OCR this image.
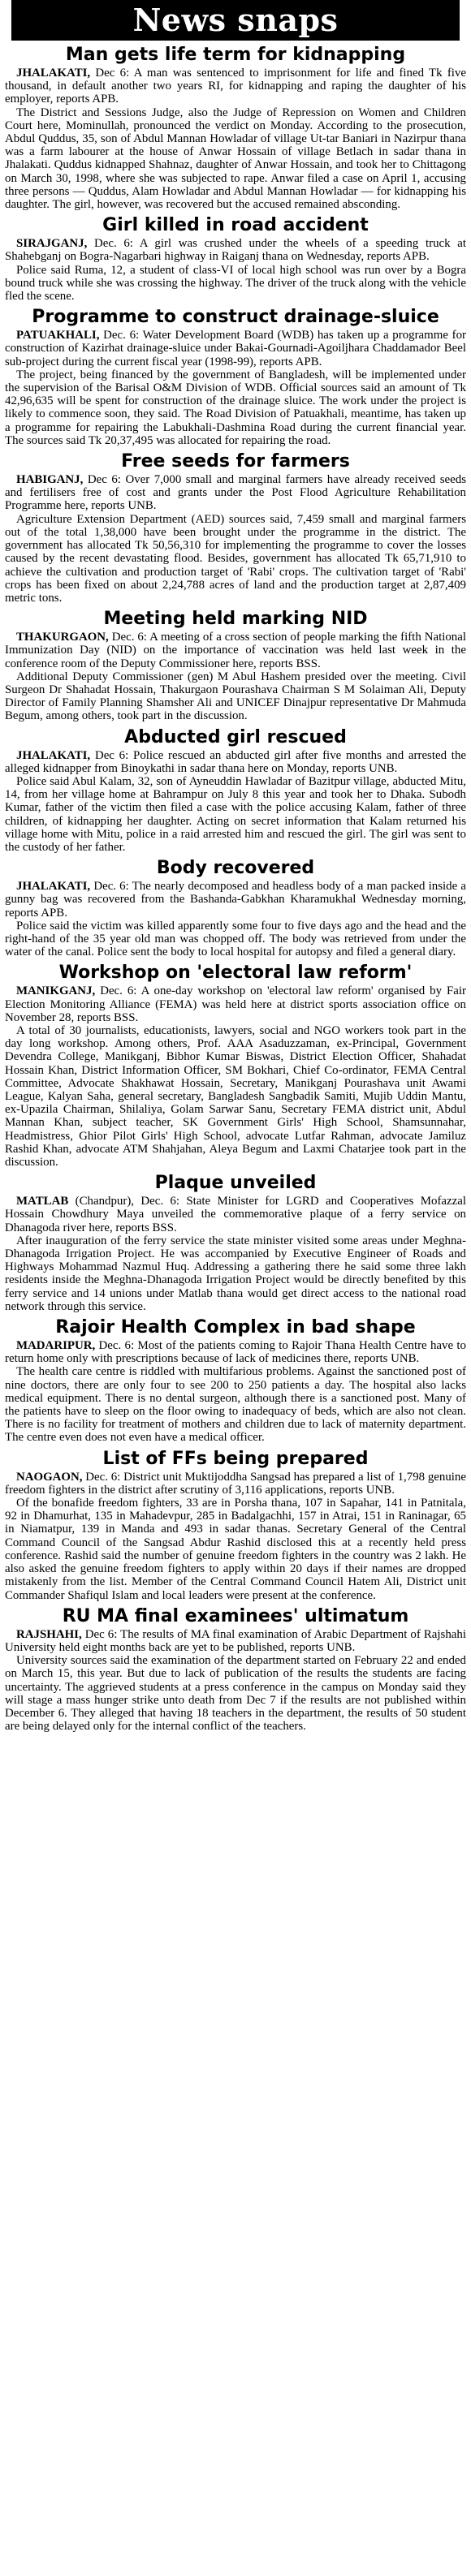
News snaps
Man gets life term for kidnapping

JHALAKATI, Dec 6: A man was sentenced to imprisonment for life and fined Tk five thousand, in default another two years RI, for kidnapping and raping the daughter of his employer, reports APB.

The District and Sessions Judge, also the Judge of Repression on Women and Children Court here, Mominullah, pronounced the verdict on Monday. According to the prosecution, Abdul Quddus, 35, son of Abdul Mannan Howladar of village Ut-tar Baniari in Nazirpur thana was a farm labourer at the house of Anwar Hossain of village Betlach in sadar thana in Jhalakati. Quddus kidnapped Shahnaz, daughter of Anwar Hossain, and took her to Chittagong on March 30, 1998, where she was subjected to rape. Anwar filed a case on April 1, accusing three persons — Quddus, Alam Howladar and Abdul Mannan Howladar — for kidnapping his daughter. The girl, however, was recovered but the accused remained absconding.

Girl killed in road accident

SIRAJGANJ, Dec. 6: A girl was crushed under the wheels of a speeding truck at Shahebganj on Bogra-Nagarbari highway in Raiganj thana on Wednesday, reports APB.

Police said Ruma, 12, a student of class-VI of local high school was run over by a Bogra bound truck while she was crossing the highway. The driver of the truck along with the vehicle fled the scene.

Programme to construct drainage-sluice

PATUAKHALI, Dec. 6: Water Development Board (WDB) has taken up a programme for construction of Kazirhat drainage-sluice under Bakai-Gournadi-Agoiljhara Chaddamador Beel sub-project during the current fiscal year (1998-99), reports APB.

The project, being financed by the government of Bangladesh, will be implemented under the supervision of the Barisal O&M Division of WDB. Official sources said an amount of Tk 42,96,635 will be spent for construction of the drainage sluice. The work under the project is likely to commence soon, they said. The Road Division of Patuakhali, meantime, has taken up a programme for repairing the Labukhali-Dashmina Road during the current financial year. The sources said Tk 20,37,495 was allocated for repairing the road.

Free seeds for farmers

HABIGANJ, Dec 6: Over 7,000 small and marginal farmers have already received seeds and fertilisers free of cost and grants under the Post Flood Agriculture Rehabilitation Programme here, reports UNB.

Agriculture Extension Department (AED) sources said, 7,459 small and marginal farmers out of the total 1,38,000 have been brought under the programme in the district. The government has allocated Tk 50,56,310 for implementing the programme to cover the losses caused by the recent devastating flood. Besides, government has allocated Tk 65,71,910 to achieve the cultivation and production target of 'Rabi' crops. The cultivation target of 'Rabi' crops has been fixed on about 2,24,788 acres of land and the production target at 2,87,409 metric tons.

Meeting held marking NID

THAKURGAON, Dec. 6: A meeting of a cross section of people marking the fifth National Immunization Day (NID) on the importance of vaccination was held last week in the conference room of the Deputy Commissioner here, reports BSS.

Additional Deputy Commissioner (gen) M Abul Hashem presided over the meeting. Civil Surgeon Dr Shahadat Hossain, Thakurgaon Pourashava Chairman S M Solaiman Ali, Deputy Director of Family Planning Shamsher Ali and UNICEF Dinajpur representative Dr Mahmuda Begum, among others, took part in the discussion.

Abducted girl rescued

JHALAKATI, Dec 6: Police rescued an abducted girl after five months and arrested the alleged kidnapper from Binoykathi in sadar thana here on Monday, reports UNB.

Police said Abul Kalam, 32, son of Ayneuddin Hawladar of Bazitpur village, abducted Mitu, 14, from her village home at Bahrampur on July 8 this year and took her to Dhaka. Subodh Kumar, father of the victim then filed a case with the police accusing Kalam, father of three children, of kidnapping her daughter. Acting on secret information that Kalam returned his village home with Mitu, police in a raid arrested him and rescued the girl. The girl was sent to the custody of her father.

Body recovered

JHALAKATI, Dec. 6: The nearly decomposed and headless body of a man packed inside a gunny bag was recovered from the Bashanda-Gabkhan Kharamukhal Wednesday morning, reports APB.

Police said the victim was killed apparently some four to five days ago and the head and the right-hand of the 35 year old man was chopped off. The body was retrieved from under the water of the canal. Police sent the body to local hospital for autopsy and filed a general diary.

Workshop on 'electoral law reform'

MANIKGANJ, Dec. 6: A one-day workshop on 'electoral law reform' organised by Fair Election Monitoring Alliance (FEMA) was held here at district sports association office on November 28, reports BSS.

A total of 30 journalists, educationists, lawyers, social and NGO workers took part in the day long workshop. Among others, Prof. AAA Asaduzzaman, ex-Principal, Government Devendra College, Manikganj, Bibhor Kumar Biswas, District Election Officer, Shahadat Hossain Khan, District Information Officer, SM Bokhari, Chief Co-ordinator, FEMA Central Committee, Advocate Shakhawat Hossain, Secretary, Manikganj Pourashava unit Awami League, Kalyan Saha, general secretary, Bangladesh Sangbadik Samiti, Mujib Uddin Mantu, ex-Upazila Chairman, Shilaliya, Golam Sarwar Sanu, Secretary FEMA district unit, Abdul Mannan Khan, subject teacher, SK Government Girls' High School, Shamsunnahar, Headmistress, Ghior Pilot Girls' High School, advocate Lutfar Rahman, advocate Jamiluz Rashid Khan, advocate ATM Shahjahan, Aleya Begum and Laxmi Chatarjee took part in the discussion.

Plaque unveiled

MATLAB (Chandpur), Dec. 6: State Minister for LGRD and Cooperatives Mofazzal Hossain Chowdhury Maya unveiled the commemorative plaque of a ferry service on Dhanagoda river here, reports BSS.

After inauguration of the ferry service the state minister visited some areas under Meghna-Dhanagoda Irrigation Project. He was accompanied by Executive Engineer of Roads and Highways Mohammad Nazmul Huq. Addressing a gathering there he said some three lakh residents inside the Meghna-Dhanagoda Irrigation Project would be directly benefited by this ferry service and 14 unions under Matlab thana would get direct access to the national road network through this service.

Rajoir Health Complex in bad shape

MADARIPUR, Dec. 6: Most of the patients coming to Rajoir Thana Health Centre have to return home only with prescriptions because of lack of medicines there, reports UNB.

The health care centre is riddled with multifarious problems. Against the sanctioned post of nine doctors, there are only four to see 200 to 250 patients a day. The hospital also lacks medical equipment. There is no dental surgeon, although there is a sanctioned post. Many of the patients have to sleep on the floor owing to inadequacy of beds, which are also not clean. There is no facility for treatment of mothers and children due to lack of maternity department. The centre even does not even have a medical officer.

List of FFs being prepared

NAOGAON, Dec. 6: District unit Muktijoddha Sangsad has prepared a list of 1,798 genuine freedom fighters in the district after scrutiny of 3,116 applications, reports UNB.

Of the bonafide freedom fighters, 33 are in Porsha thana, 107 in Sapahar, 141 in Patnitala, 92 in Dhamurhat, 135 in Mahadevpur, 285 in Badalgachhi, 157 in Atrai, 151 in Raninagar, 65 in Niamatpur, 139 in Manda and 493 in sadar thanas. Secretary General of the Central Command Council of the Sangsad Abdur Rashid disclosed this at a recently held press conference. Rashid said the number of genuine freedom fighters in the country was 2 lakh. He also asked the genuine freedom fighters to apply within 20 days if their names are dropped mistakenly from the list. Member of the Central Command Council Hatem Ali, District unit Commander Shafiqul Islam and local leaders were present at the conference.

RU MA final examinees' ultimatum

RAJSHAHI, Dec 6: The results of MA final examination of Arabic Department of Rajshahi University held eight months back are yet to be published, reports UNB.

University sources said the examination of the department started on February 22 and ended on March 15, this year. But due to lack of publication of the results the students are facing uncertainty. The aggrieved students at a press conference in the campus on Monday said they will stage a mass hunger strike unto death from Dec 7 if the results are not published within December 6. They alleged that having 18 teachers in the department, the results of 50 student are being delayed only for the internal conflict of the teachers.
